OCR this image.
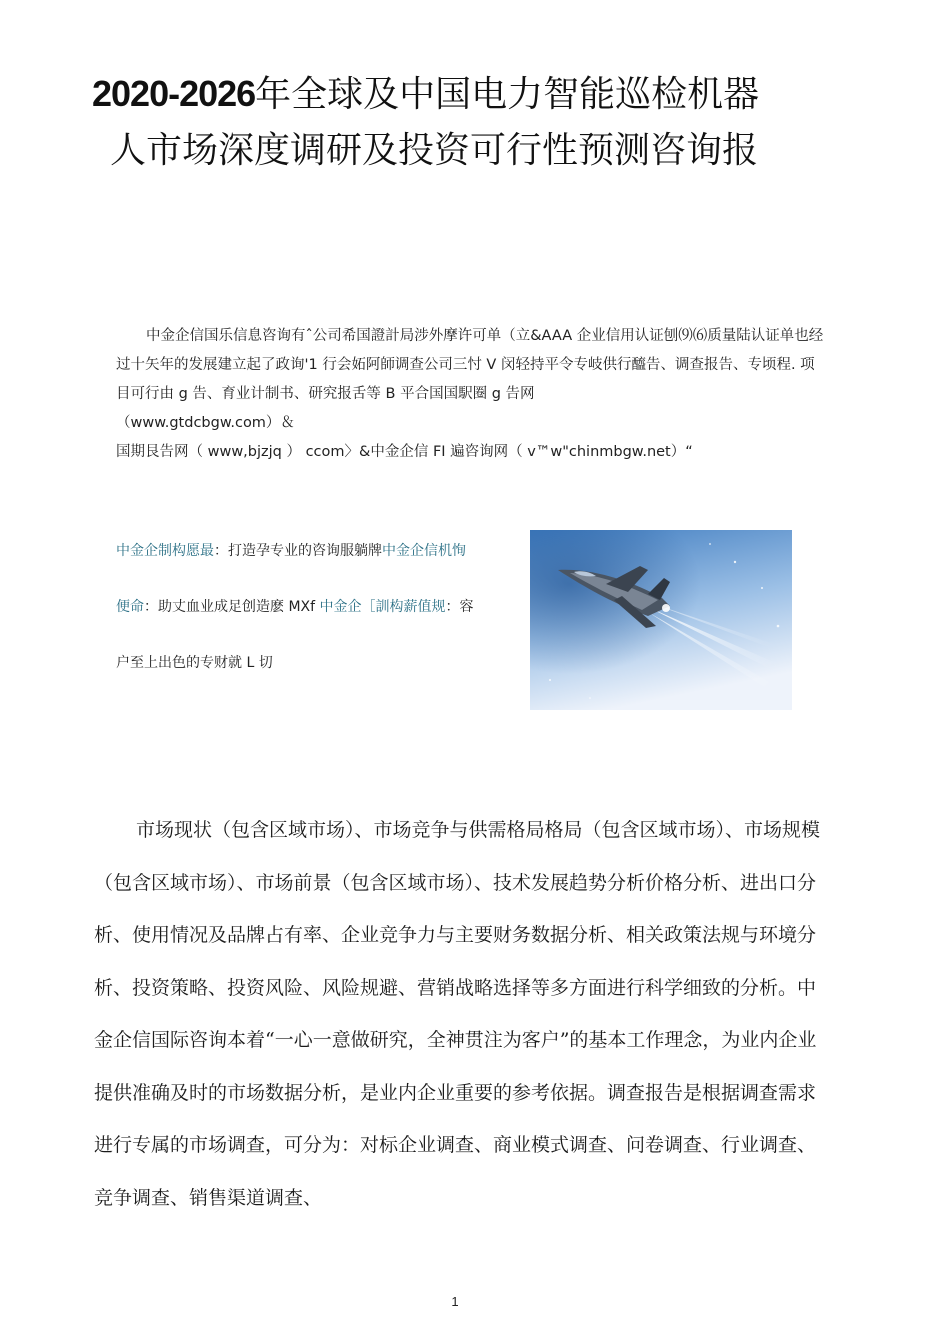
2020-2026年全球及中国电力智能巡检机器
人市场深度调研及投资可行性预测咨询报

中金企信国乐信息咨询有ˆ公司希国證計局涉外摩许可单（立&AAA 企业信用认证刨⑼⑹质量陆认证单也经过十矢年的发展建立起了政询'1 行会妬阿師调查公司三忖 V 闵轻持平令专岐供行醯告、调查报告、专顷程. 项目可行由 g 告、育业计制书、研究报舌等 B 平合国国駅圈 g 告网

（www.gtdcbgw.com）＆

国期艮告网（ www,bjzjq ） ccom〉&中金企信 FI 遍咨询网（ v™w"chinmbgw.net）“

中金企制构愿最：打造孕专业的咨询服躺牌中金企信机恂

便命：助丈血业成足创造麽 MXf 中金企［訓构薪值规：容

户至上出色的专财就 L 切

市场现状（包含区域市场）、市场竞争与供需格局格局（包含区域市场）、市场规模（包含区域市场）、市场前景（包含区域市场）、技术发展趋势分析价格分析、进出口分析、使用情况及品牌占有率、企业竞争力与主要财务数据分析、相关政策法规与环境分析、投资策略、投资风险、风险规避、营销战略选择等多方面进行科学细致的分析。中金企信国际咨询本着“一心一意做研究，全神贯注为客户”的基本工作理念，为业内企业提供准确及时的市场数据分析，是业内企业重要的参考依据。调查报告是根据调查需求进行专属的市场调查，可分为：对标企业调查、商业模式调查、问卷调查、行业调查、竞争调查、销售渠道调查、

1
